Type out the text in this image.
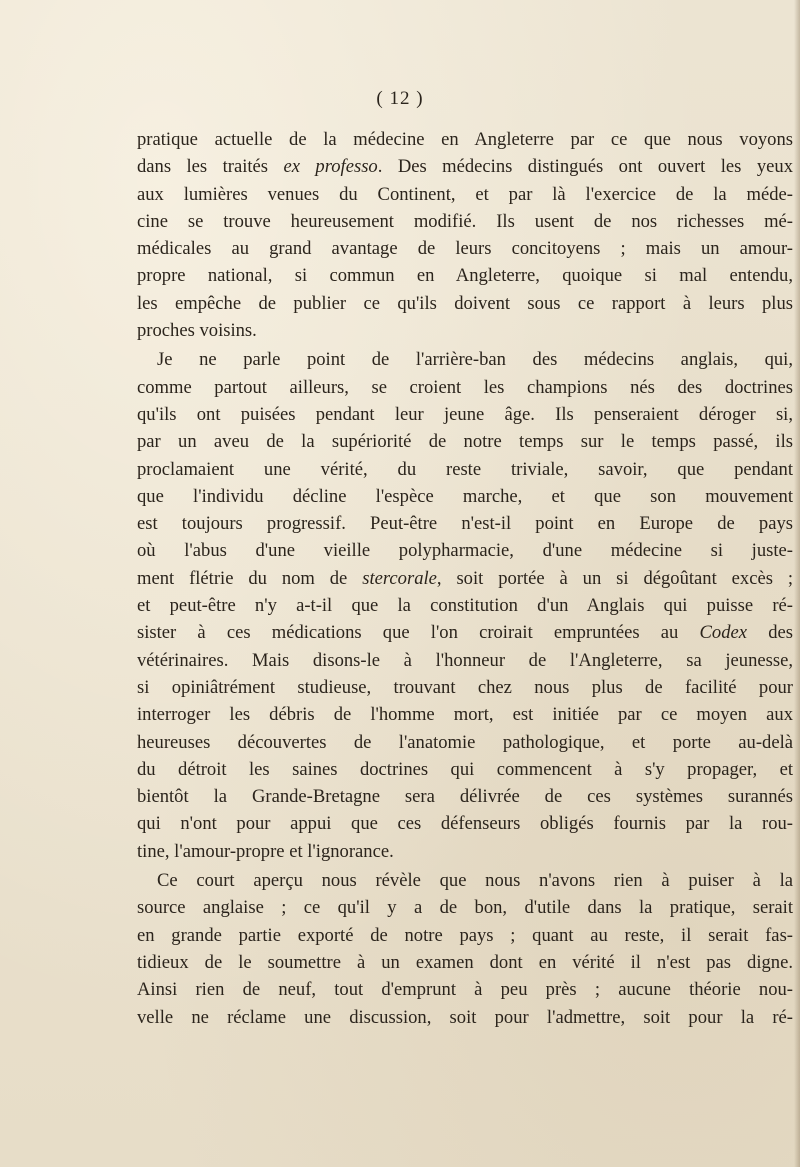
( 12 )
pratique actuelle de la médecine en Angleterre par ce que nous voyons
dans les traités ex professo. Des médecins distingués ont ouvert les yeux
aux lumières venues du Continent, et par là l'exercice de la méde-
cine se trouve heureusement modifié. Ils usent de nos richesses mé-
médicales au grand avantage de leurs concitoyens ; mais un amour-
propre national, si commun en Angleterre, quoique si mal entendu,
les empêche de publier ce qu'ils doivent sous ce rapport à leurs plus
proches voisins.
Je ne parle point de l'arrière-ban des médecins anglais, qui,
comme partout ailleurs, se croient les champions nés des doctrines
qu'ils ont puisées pendant leur jeune âge. Ils penseraient déroger si,
par un aveu de la supériorité de notre temps sur le temps passé, ils
proclamaient une vérité, du reste triviale, savoir, que pendant
que l'individu décline l'espèce marche, et que son mouvement
est toujours progressif. Peut-être n'est-il point en Europe de pays
où l'abus d'une vieille polypharmacie, d'une médecine si juste-
ment flétrie du nom de stercorale, soit portée à un si dégoûtant excès ;
et peut-être n'y a-t-il que la constitution d'un Anglais qui puisse ré-
sister à ces médications que l'on croirait empruntées au Codex des
vétérinaires. Mais disons-le à l'honneur de l'Angleterre, sa jeunesse,
si opiniâtrément studieuse, trouvant chez nous plus de facilité pour
interroger les débris de l'homme mort, est initiée par ce moyen aux
heureuses découvertes de l'anatomie pathologique, et porte au-delà
du détroit les saines doctrines qui commencent à s'y propager, et
bientôt la Grande-Bretagne sera délivrée de ces systèmes surannés
qui n'ont pour appui que ces défenseurs obligés fournis par la rou-
tine, l'amour-propre et l'ignorance.
Ce court aperçu nous révèle que nous n'avons rien à puiser à la
source anglaise ; ce qu'il y a de bon, d'utile dans la pratique, serait
en grande partie exporté de notre pays ; quant au reste, il serait fas-
tidieux de le soumettre à un examen dont en vérité il n'est pas digne.
Ainsi rien de neuf, tout d'emprunt à peu près ; aucune théorie nou-
velle ne réclame une discussion, soit pour l'admettre, soit pour la ré-
